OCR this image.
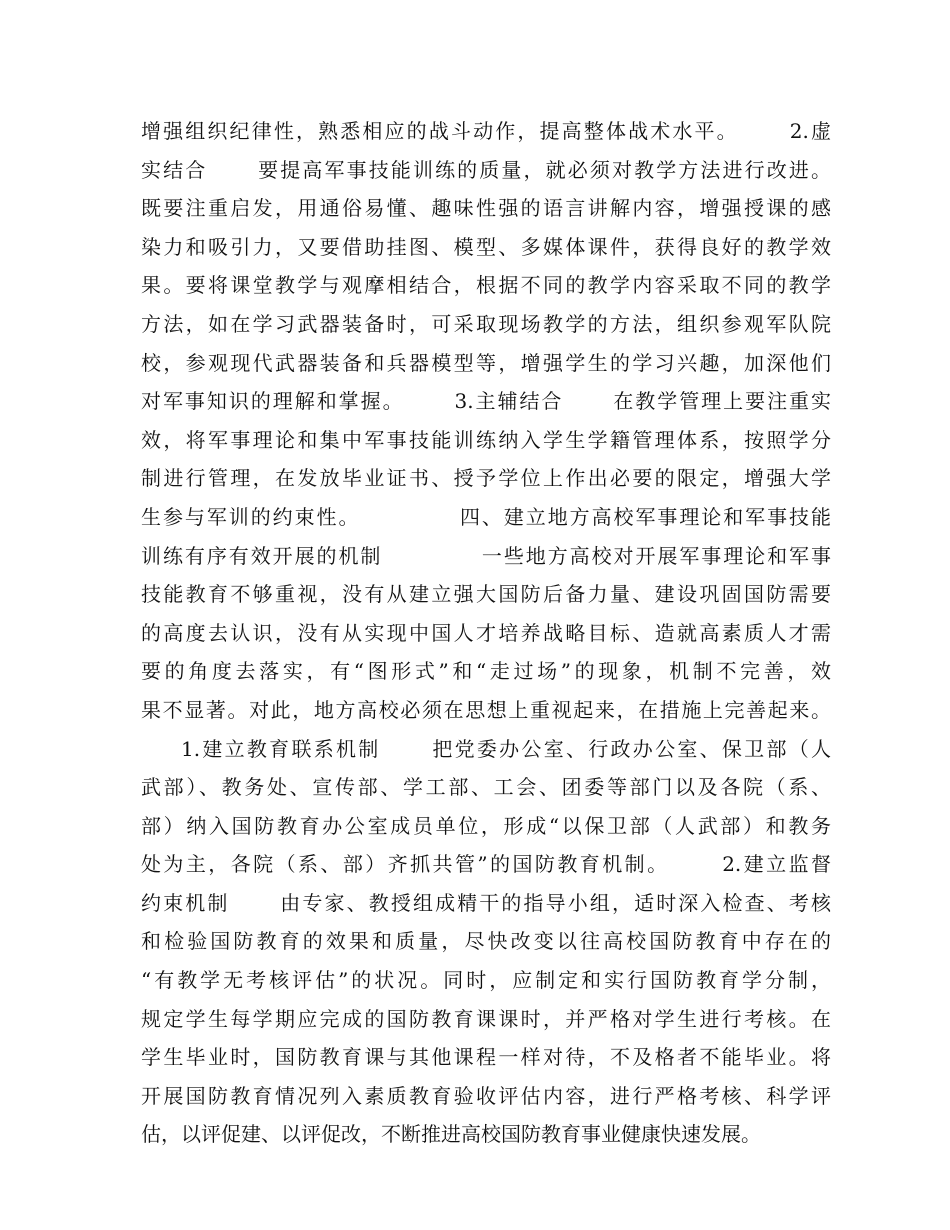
增强组织纪律性，熟悉相应的战斗动作，提高整体战术水平。      2.虚
实结合      要提高军事技能训练的质量，就必须对教学方法进行改进。
既要注重启发，用通俗易懂、趣味性强的语言讲解内容，增强授课的感
染力和吸引力，又要借助挂图、模型、多媒体课件，获得良好的教学效
果。要将课堂教学与观摩相结合，根据不同的教学内容采取不同的教学
方法，如在学习武器装备时，可采取现场教学的方法，组织参观军队院
校，参观现代武器装备和兵器模型等，增强学生的学习兴趣，加深他们
对军事知识的理解和掌握。      3.主辅结合      在教学管理上要注重实
效，将军事理论和集中军事技能训练纳入学生学籍管理体系，按照学分
制进行管理，在发放毕业证书、授予学位上作出必要的限定，增强大学
生参与军训的约束性。            四、建立地方高校军事理论和军事技能
训练有序有效开展的机制            一些地方高校对开展军事理论和军事
技能教育不够重视，没有从建立强大国防后备力量、建设巩固国防需要
的高度去认识，没有从实现中国人才培养战略目标、造就高素质人才需
要的角度去落实，有“图形式”和“走过场”的现象，机制不完善，效
果不显著。对此，地方高校必须在思想上重视起来，在措施上完善起来。
1.建立教育联系机制      把党委办公室、行政办公室、保卫部（人
武部）、教务处、宣传部、学工部、工会、团委等部门以及各院（系、
部）纳入国防教育办公室成员单位，形成“以保卫部（人武部）和教务
处为主，各院（系、部）齐抓共管”的国防教育机制。      2.建立监督
约束机制      由专家、教授组成精干的指导小组，适时深入检查、考核
和检验国防教育的效果和质量，尽快改变以往高校国防教育中存在的
“有教学无考核评估”的状况。同时，应制定和实行国防教育学分制，
规定学生每学期应完成的国防教育课课时，并严格对学生进行考核。在
学生毕业时，国防教育课与其他课程一样对待，不及格者不能毕业。将
开展国防教育情况列入素质教育验收评估内容，进行严格考核、科学评
估，以评促建、以评促改，不断推进高校国防教育事业健康快速发展。
